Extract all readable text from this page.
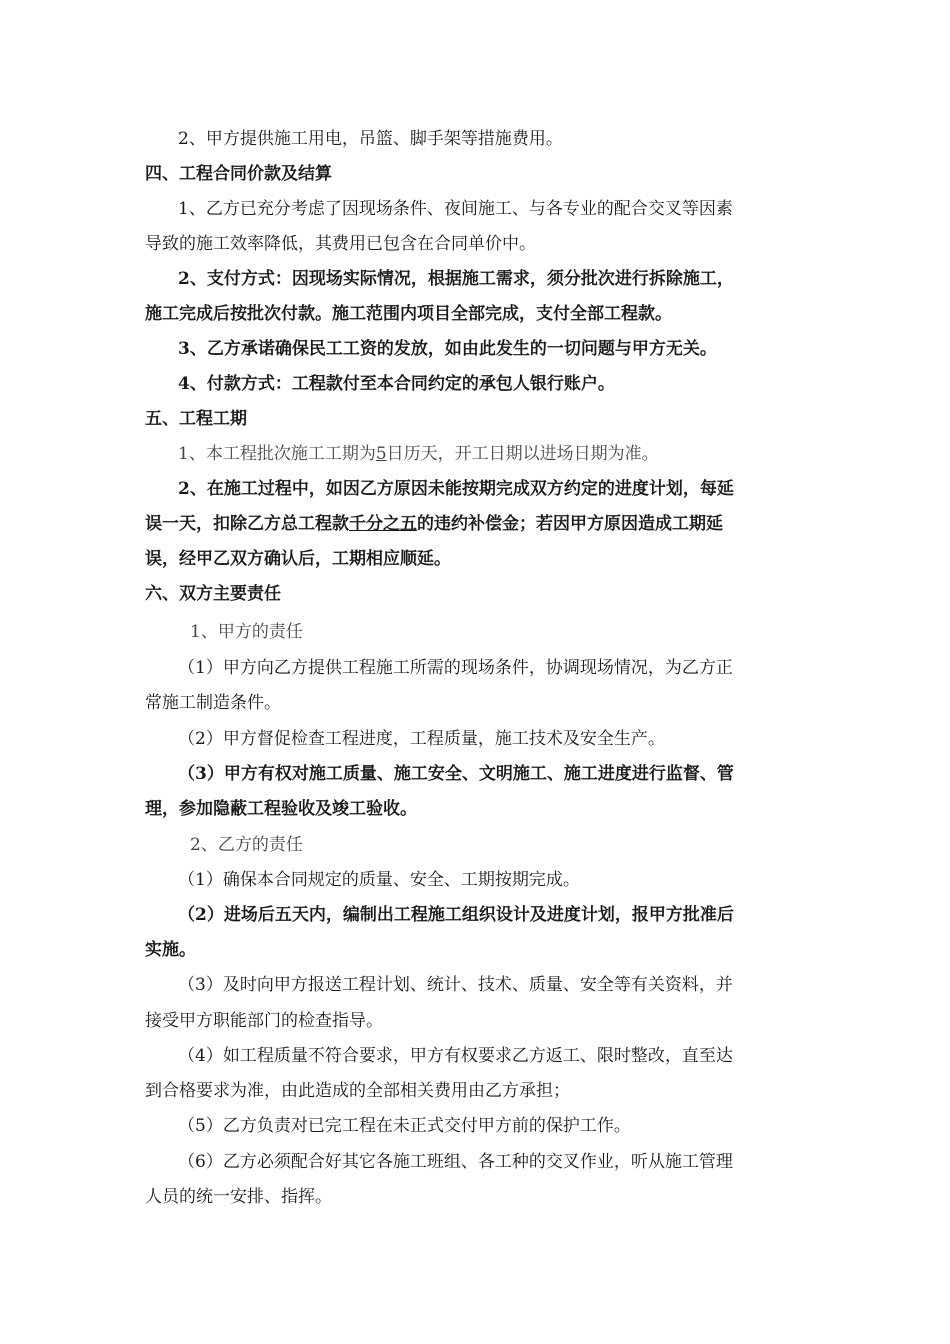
2、甲方提供施工用电，吊篮、脚手架等措施费用。
四、工程合同价款及结算
1、乙方已充分考虑了因现场条件、夜间施工、与各专业的配合交叉等因素
导致的施工效率降低，其费用已包含在合同单价中。
2、支付方式：因现场实际情况，根据施工需求，须分批次进行拆除施工，
施工完成后按批次付款。施工范围内项目全部完成，支付全部工程款。
3、乙方承诺确保民工工资的发放，如由此发生的一切问题与甲方无关。
4、付款方式：工程款付至本合同约定的承包人银行账户。
五、工程工期
1、本工程批次施工工期为5日历天，开工日期以进场日期为准。
2、在施工过程中，如因乙方原因未能按期完成双方约定的进度计划，每延
误一天，扣除乙方总工程款千分之五的违约补偿金；若因甲方原因造成工期延
误，经甲乙双方确认后，工期相应顺延。
六、双方主要责任
1、甲方的责任
（1）甲方向乙方提供工程施工所需的现场条件，协调现场情况，为乙方正
常施工制造条件。
（2）甲方督促检查工程进度，工程质量，施工技术及安全生产。
（3）甲方有权对施工质量、施工安全、文明施工、施工进度进行监督、管
理，参加隐蔽工程验收及竣工验收。
2、乙方的责任
（1）确保本合同规定的质量、安全、工期按期完成。
（2）进场后五天内，编制出工程施工组织设计及进度计划，报甲方批准后
实施。
（3）及时向甲方报送工程计划、统计、技术、质量、安全等有关资料，并
接受甲方职能部门的检查指导。
（4）如工程质量不符合要求，甲方有权要求乙方返工、限时整改，直至达
到合格要求为准，由此造成的全部相关费用由乙方承担；
（5）乙方负责对已完工程在未正式交付甲方前的保护工作。
（6）乙方必须配合好其它各施工班组、各工种的交叉作业，听从施工管理
人员的统一安排、指挥。
